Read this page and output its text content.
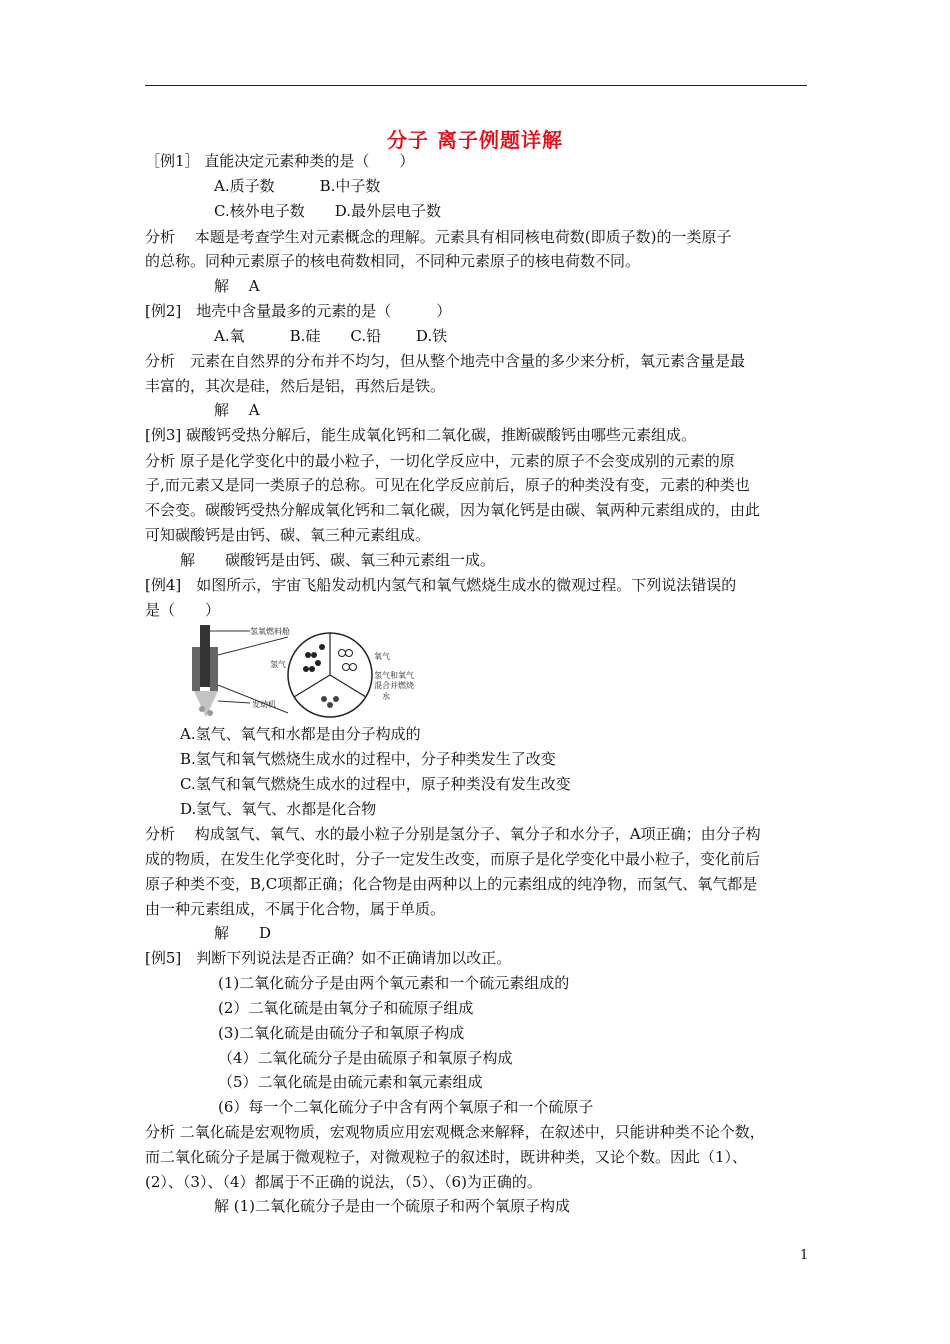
分子 离子例题详解
［例1］ 直能决定元素种类的是（　　）
A.质子数　　　B.中子数
C.核外电子数　　D.最外层电子数
分析　 本题是考查学生对元素概念的理解。元素具有相同核电荷数(即质子数)的一类原子
的总称。同种元素原子的核电荷数相同，不同种元素原子的核电荷数不同。
解　 A
[例2]　地壳中含量最多的元素的是（　　　）
A.氧　　　B.硅　　C.铅　　 D.铁
分析　元素在自然界的分布并不均匀，但从整个地壳中含量的多少来分析，氧元素含量是最
丰富的，其次是硅，然后是铝，再然后是铁。
解　 A
[例3] 碳酸钙受热分解后，能生成氧化钙和二氧化碳，推断碳酸钙由哪些元素组成。
分析 原子是化学变化中的最小粒子，一切化学反应中，元素的原子不会变成别的元素的原
子,而元素又是同一类原子的总称。可见在化学反应前后，原子的种类没有变，元素的种类也
不会变。碳酸钙受热分解成氧化钙和二氧化碳，因为氧化钙是由碳、氧两种元素组成的，由此
可知碳酸钙是由钙、碳、氧三种元素组成。
解　　碳酸钙是由钙、碳、氧三种元素组一成。
[例4]　如图所示，宇宙飞船发动机内氢气和氧气燃烧生成水的微观过程。下列说法错误的
是（　　）
氢氧燃料舱
氢气
氧气
氢气和氧气
混合并燃烧
水
发动机
A.氢气、氧气和水都是由分子构成的
B.氢气和氧气燃烧生成水的过程中，分子种类发生了改变
C.氢气和氧气燃烧生成水的过程中，原子种类没有发生改变
D.氢气、氧气、水都是化合物
分析　 构成氢气、氧气、水的最小粒子分别是氢分子、氧分子和水分子，A项正确；由分子构
成的物质，在发生化学变化时，分子一定发生改变，而原子是化学变化中最小粒子，变化前后
原子种类不变，B,C项都正确；化合物是由两种以上的元素组成的纯净物，而氢气、氧气都是
由一种元素组成，不属于化合物，属于单质。
解　　D
[例5]　判断下列说法是否正确？如不正确请加以改正。
(1)二氧化硫分子是由两个氧元素和一个硫元素组成的
(2）二氧化硫是由氧分子和硫原子组成
(3)二氧化硫是由硫分子和氧原子构成
（4）二氧化硫分子是由硫原子和氧原子构成
（5）二氧化硫是由硫元素和氧元素组成
(6）每一个二氧化硫分子中含有两个氧原子和一个硫原子
分析 二氧化硫是宏观物质，宏观物质应用宏观概念来解释，在叙述中，只能讲种类不论个数，
而二氧化硫分子是属于微观粒子，对微观粒子的叙述时，既讲种类，又论个数。因此（1）、
(2）、（3）、（4）都属于不正确的说法，（5）、（6)为正确的。
解 (1)二氧化硫分子是由一个硫原子和两个氧原子构成
1
